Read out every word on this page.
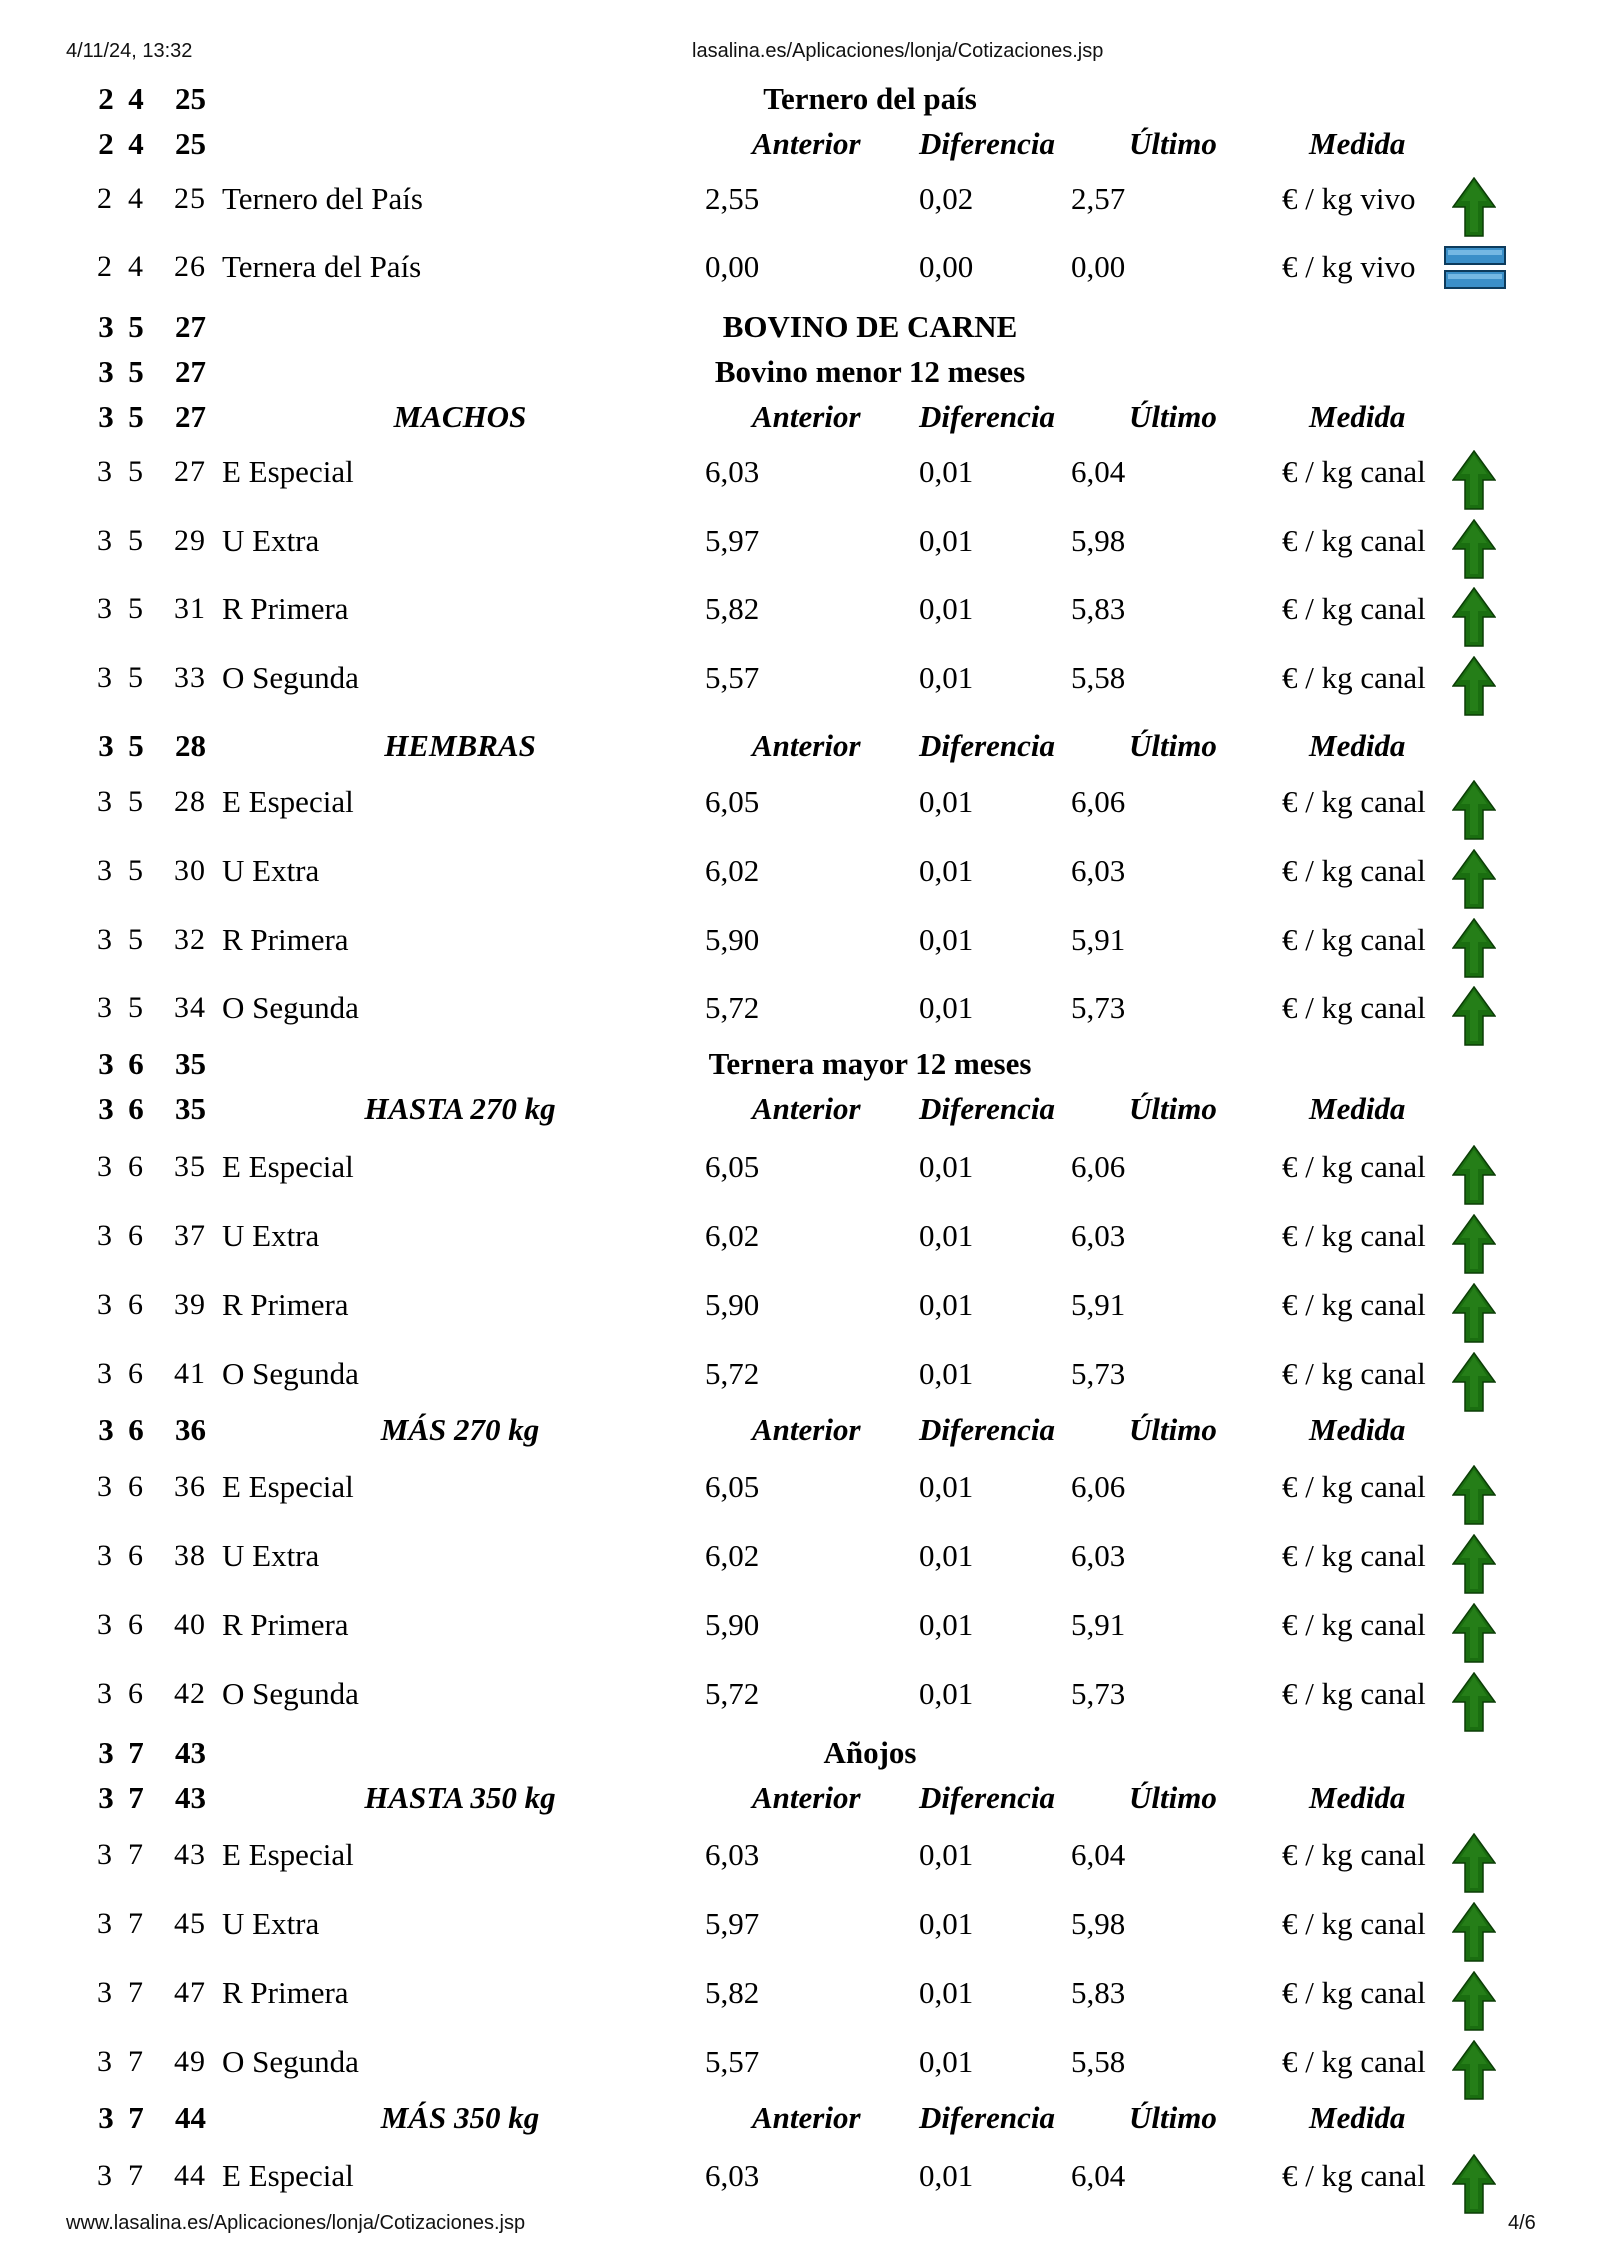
4/11/24, 13:32	lasalina.es/Aplicaciones/lonja/Cotizaciones.jsp
2 4	25	Ternero del país
2 4	25	Anterior Diferencia Último	Medida
2 4	25 Ternero del País	2,55	0,02	2,57	€ / kg vivo
2 4	26 Ternera del País	0,00	0,00	0,00	€ / kg vivo
3 5	27	BOVINO DE CARNE
3 5	27	Bovino menor 12 meses
3 5	27	MACHOS	Anterior Diferencia Último	Medida
3 5	27 E Especial	6,03	0,01	6,04	€ / kg canal
3 5	29 U Extra	5,97	0,01	5,98	€ / kg canal
3 5	31 R Primera	5,82	0,01	5,83	€ / kg canal
3 5	33 O Segunda	5,57	0,01	5,58	€ / kg canal
3 5	28	HEMBRAS	Anterior Diferencia Último	Medida
3 5	28 E Especial	6,05	0,01	6,06	€ / kg canal
3 5	30 U Extra	6,02	0,01	6,03	€ / kg canal
3 5	32 R Primera	5,90	0,01	5,91	€ / kg canal
3 5	34 O Segunda	5,72	0,01	5,73	€ / kg canal
3 6	35	Ternera mayor 12 meses
3 6	35	HASTA 270 kg	Anterior Diferencia Último	Medida
3 6	35 E Especial	6,05	0,01	6,06	€ / kg canal
3 6	37 U Extra	6,02	0,01	6,03	€ / kg canal
3 6	39 R Primera	5,90	0,01	5,91	€ / kg canal
3 6	41 O Segunda	5,72	0,01	5,73	€ / kg canal
3 6	36	MÁS 270 kg	Anterior Diferencia Último	Medida
3 6	36 E Especial	6,05	0,01	6,06	€ / kg canal
3 6	38 U Extra	6,02	0,01	6,03	€ / kg canal
3 6	40 R Primera	5,90	0,01	5,91	€ / kg canal
3 6	42 O Segunda	5,72	0,01	5,73	€ / kg canal
3 7	43	Añojos
3 7	43	HASTA 350 kg	Anterior Diferencia Último	Medida
3 7	43 E Especial	6,03	0,01	6,04	€ / kg canal
3 7	45 U Extra	5,97	0,01	5,98	€ / kg canal
3 7	47 R Primera	5,82	0,01	5,83	€ / kg canal
3 7	49 O Segunda	5,57	0,01	5,58	€ / kg canal
3 7	44	MÁS 350 kg	Anterior Diferencia Último	Medida
3 7	44 E Especial	6,03	0,01	6,04	€ / kg canal
www.lasalina.es/Aplicaciones/lonja/Cotizaciones.jsp	4/6
